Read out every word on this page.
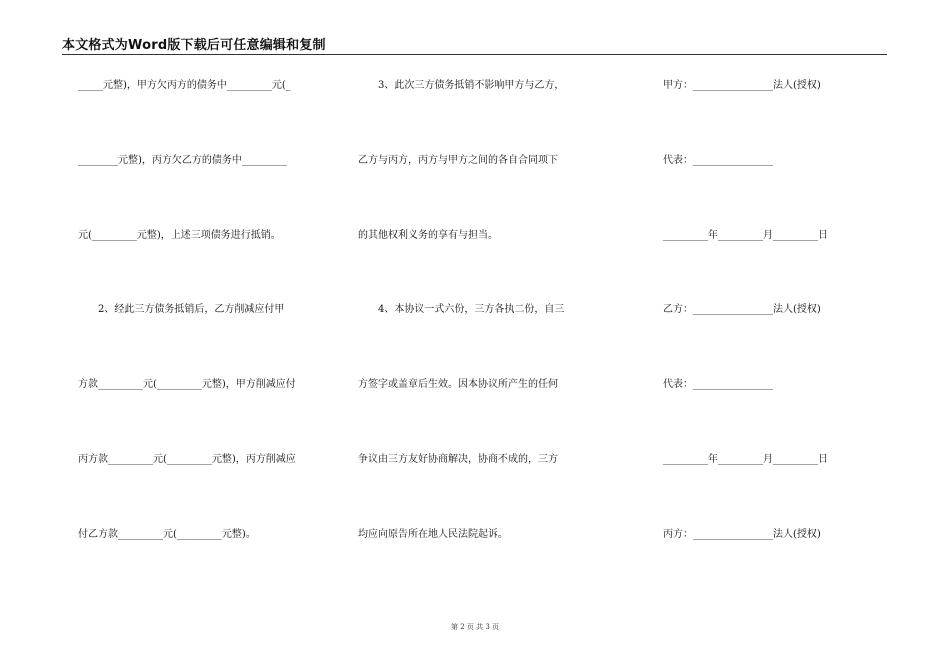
本文格式为Word版下载后可任意编辑和复制
_____元整)，甲方欠丙方的债务中_________元(_
________元整)，丙方欠乙方的债务中_________
元(_________元整)，上述三项债务进行抵销。
　　2、经此三方债务抵销后，乙方削减应付甲
方款_________元(_________元整)，甲方削减应付
丙方款_________元(_________元整)，丙方削减应
付乙方款_________元(_________元整)。
　　3、此次三方债务抵销不影响甲方与乙方，
乙方与丙方，丙方与甲方之间的各自合同项下
的其他权利义务的享有与担当。
　　4、本协议一式六份，三方各执二份，自三
方签字或盖章后生效。因本协议所产生的任何
争议由三方友好协商解决，协商不成的，三方
均应向原告所在地人民法院起诉。
甲方：________________法人(授权)
代表：________________
_________年_________月_________日
乙方：________________法人(授权)
代表：________________
_________年_________月_________日
丙方：________________法人(授权)
第 2 页 共 3 页
